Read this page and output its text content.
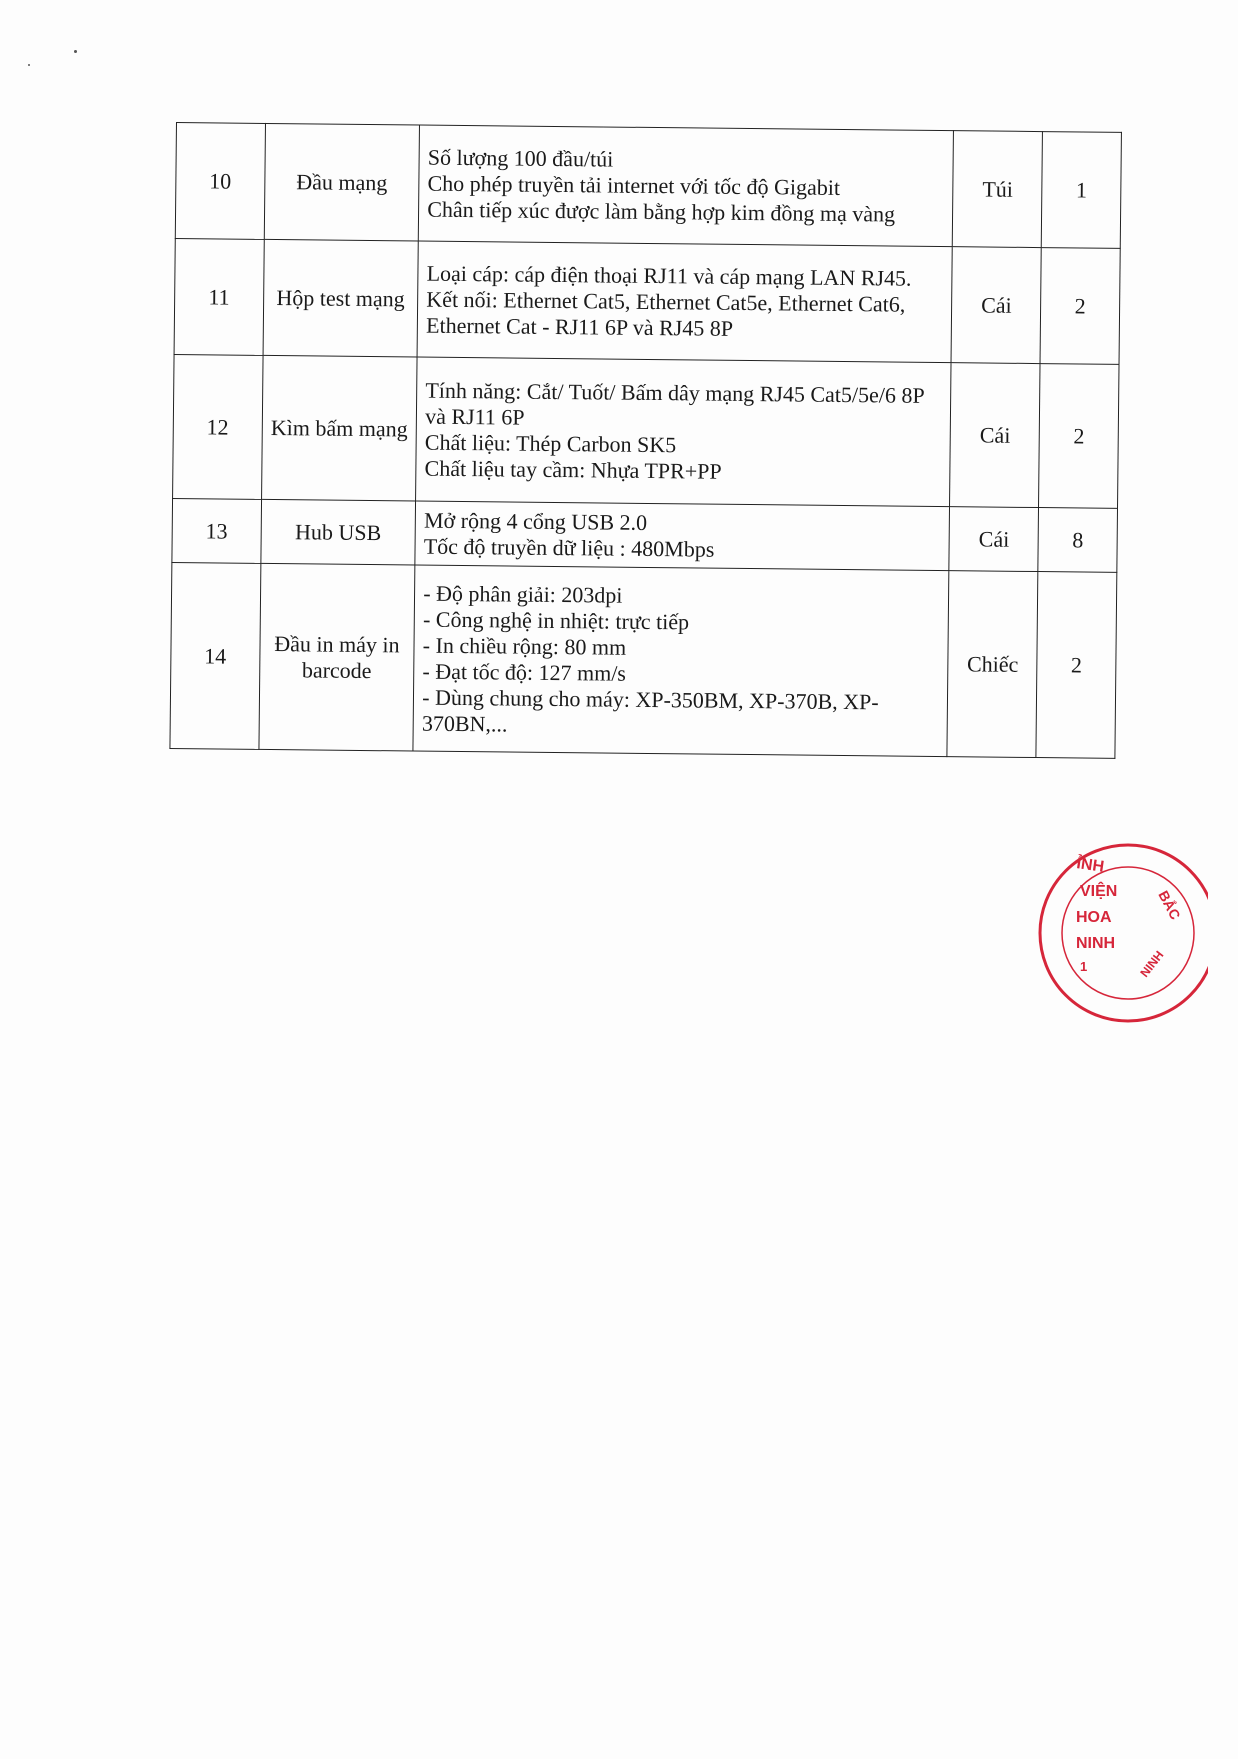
10	Đầu mạng	Số lượng 100 đầu/túi
Cho phép truyền tải internet với tốc độ Gigabit
Chân tiếp xúc được làm bằng hợp kim đồng mạ vàng	Túi	1
11	Hộp test mạng	Loại cáp: cáp điện thoại RJ11 và cáp mạng LAN RJ45.
Kết nối: Ethernet Cat5, Ethernet Cat5e, Ethernet Cat6, Ethernet Cat - RJ11 6P và RJ45 8P	Cái	2
12	Kìm bấm mạng	Tính năng: Cắt/ Tuốt/ Bấm dây mạng RJ45 Cat5/5e/6 8P và RJ11 6P
Chất liệu: Thép Carbon SK5
Chất liệu tay cầm: Nhựa TPR+PP	Cái	2
13	Hub USB	Mở rộng 4 cổng USB 2.0
Tốc độ truyền dữ liệu : 480Mbps	Cái	8
14	Đầu in máy in barcode	- Độ phân giải: 203dpi
- Công nghệ in nhiệt: trực tiếp
- In chiều rộng: 80 mm
- Đạt tốc độ: 127 mm/s
- Dùng chung cho máy: XP-350BM, XP-370B, XP-370BN,...	Chiếc	2
ỈNH
VIỆN
HOA
NINH
1
BẮC
NINH
